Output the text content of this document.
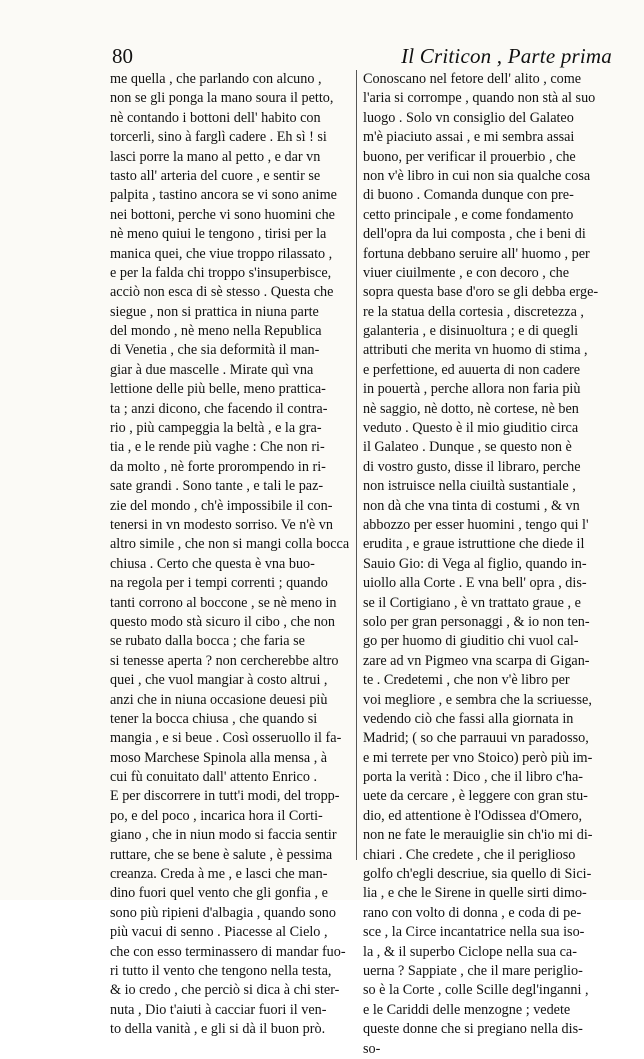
80	Il Criticon , Parte prima
me quella , che parlando con alcuno ,
non se gli ponga la mano soura il petto,
nè contando i bottoni dell' habito con
torcerli, sino à farglì cadere . Eh sì ! si
lasci porre la mano al petto , e dar vn
tasto all' arteria del cuore , e sentir se
palpita , tastino ancora se vi sono anime
nei bottoni, perche vi sono huomini che
nè meno quiui le tengono , tirisi per la
manica quei, che viue troppo rilassato ,
e per la falda chi troppo s'insuperbisce,
acciò non esca di sè stesso . Questa che
siegue , non si prattica in niuna parte
del mondo , nè meno nella Republica
di Venetia , che sia deformità il man-
giar à due mascelle . Mirate quì vna
lettione delle più belle, meno prattica-
ta ; anzi dicono, che facendo il contra-
rio , più campeggia la beltà , e la gra-
tia , e le rende più vaghe : Che non ri-
da molto , nè forte prorompendo in ri-
sate grandi . Sono tante , e tali le paz-
zie del mondo , ch'è impossibile il con-
tenersi in vn modesto sorriso. Ve n'è vn
altro simile , che non si mangi colla bocca
chiusa . Certo che questa è vna buo-
na regola per i tempi correnti ; quando
tanti corrono al boccone , se nè meno in
questo modo stà sicuro il cibo , che non
se rubato dalla bocca ; che faria se
si tenesse aperta ? non cercherebbe altro
quei , che vuol mangiar à costo altrui ,
anzi che in niuna occasione deuesi più
tener la bocca chiusa , che quando si
mangia , e si beue . Così osseruollo il fa-
moso Marchese Spinola alla mensa , à
cui fù conuitato dall' attento Enrico .
E per discorrere in tutt'i modi, del tropp-
po, e del poco , incarica hora il Corti-
giano , che in niun modo si faccia sentir
ruttare, che se bene è salute , è pessima
creanza. Creda à me , e lasci che man-
dino fuori quel vento che gli gonfia , e
sono più ripieni d'albagia , quando sono
più vacui di senno . Piacesse al Cielo ,
che con esso terminassero di mandar fuo-
ri tutto il vento che tengono nella testa,
& io credo , che perciò si dica à chi ster-
nuta , Dio t'aiuti à cacciar fuori il ven-
to della vanità , e gli si dà il buon prò.
Conoscano nel fetore dell' alito , come
l'aria si corrompe , quando non stà al suo
luogo . Solo vn consiglio del Galateo
m'è piaciuto assai , e mi sembra assai
buono, per verificar il prouerbio , che
non v'è libro in cui non sia qualche cosa
di buono . Comanda dunque con pre-
cetto principale , e come fondamento
dell'opra da lui composta , che i beni di
fortuna debbano seruire all' huomo , per
viuer ciuilmente , e con decoro , che
sopra questa base d'oro se gli debba erge-
re la statua della cortesia , discretezza ,
galanteria , e disinuoltura ; e di quegli
attributi che merita vn huomo di stima ,
e perfettione, ed auuerta di non cadere
in pouertà , perche allora non faria più
nè saggio, nè dotto, nè cortese, nè ben
veduto . Questo è il mio giuditio circa
il Galateo . Dunque , se questo non è
di vostro gusto, disse il libraro, perche
non istruisce nella ciuiltà sustantiale ,
non dà che vna tinta di costumi , & vn
abbozzo per esser huomini , tengo qui l'
erudita , e graue istruttione che diede il
Sauio Gio: di Vega al figlio, quando in-
uiollo alla Corte . E vna bell' opra , dis-
se il Cortigiano , è vn trattato graue , e
solo per gran personaggi , & io non ten-
go per huomo di giuditio chi vuol cal-
zare ad vn Pigmeo vna scarpa di Gigan-
te . Credetemi , che non v'è libro per
voi megliore , e sembra che la scriuesse,
vedendo ciò che fassi alla giornata in
Madrid; ( so che parrauui vn paradosso,
e mi terrete per vno Stoico) però più im-
porta la verità : Dico , che il libro c'ha-
uete da cercare , è leggere con gran stu-
dio, ed attentione è l'Odissea d'Omero,
non ne fate le merauiglie sin ch'io mi di-
chiari . Che credete , che il periglioso
golfo ch'egli descriue, sia quello di Sici-
lia , e che le Sirene in quelle sirti dimo-
rano con volto di donna , e coda di pe-
sce , la Circe incantatrice nella sua iso-
la , & il superbo Ciclope nella sua ca-
uerna ? Sappiate , che il mare periglio-
so è la Corte , colle Scille degl'inganni ,
e le Cariddi delle menzogne ; vedete
queste donne che si pregiano nella dis-
so-
